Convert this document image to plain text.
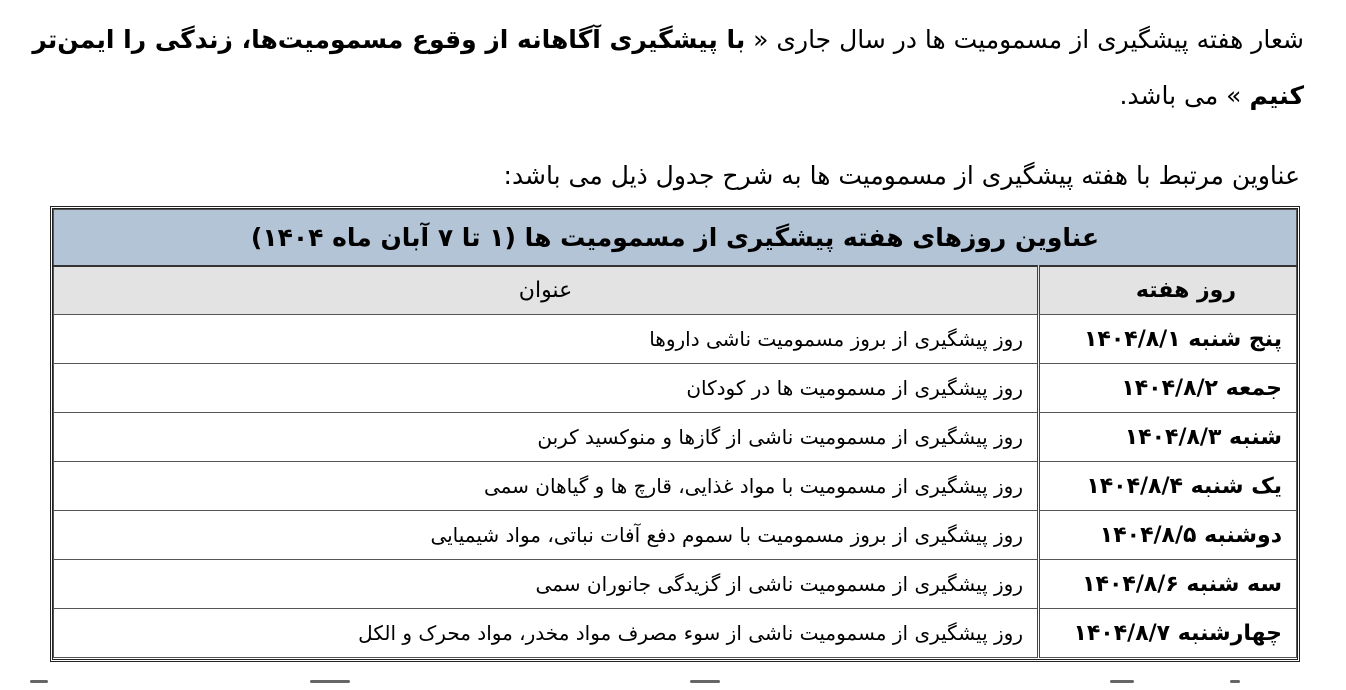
شعار هفته پیشگیری از مسمومیت ها در سال جاری « با پیشگیری آگاهانه از وقوع مسمومیت‌ها، زندگی را ایمن‌تر کنیم » می باشد.

عناوین مرتبط با هفته پیشگیری از مسمومیت ها به شرح جدول ذیل می باشد:

عناوین روزهای هفته پیشگیری از مسمومیت ها (۱ تا ۷ آبان ماه ۱۴۰۴)	
روز هفته	عنوان
پنج شنبه ۱۴۰۴/۸/۱	روز پیشگیری از بروز مسمومیت ناشی داروها
جمعه ۱۴۰۴/۸/۲	روز پیشگیری از مسمومیت ها در کودکان
شنبه ۱۴۰۴/۸/۳	روز پیشگیری از مسمومیت ناشی از گازها و منوکسید کربن
یک شنبه ۱۴۰۴/۸/۴	روز پیشگیری از مسمومیت با مواد غذایی، قارچ ها و گیاهان سمی
دوشنبه ۱۴۰۴/۸/۵	روز پیشگیری از بروز مسمومیت با سموم دفع آفات نباتی، مواد شیمیایی
سه شنبه ۱۴۰۴/۸/۶	روز پیشگیری از مسمومیت ناشی از گزیدگی جانوران سمی
چهارشنبه ۱۴۰۴/۸/۷	روز پیشگیری از مسمومیت ناشی از سوء مصرف مواد مخدر، مواد محرک و الکل
